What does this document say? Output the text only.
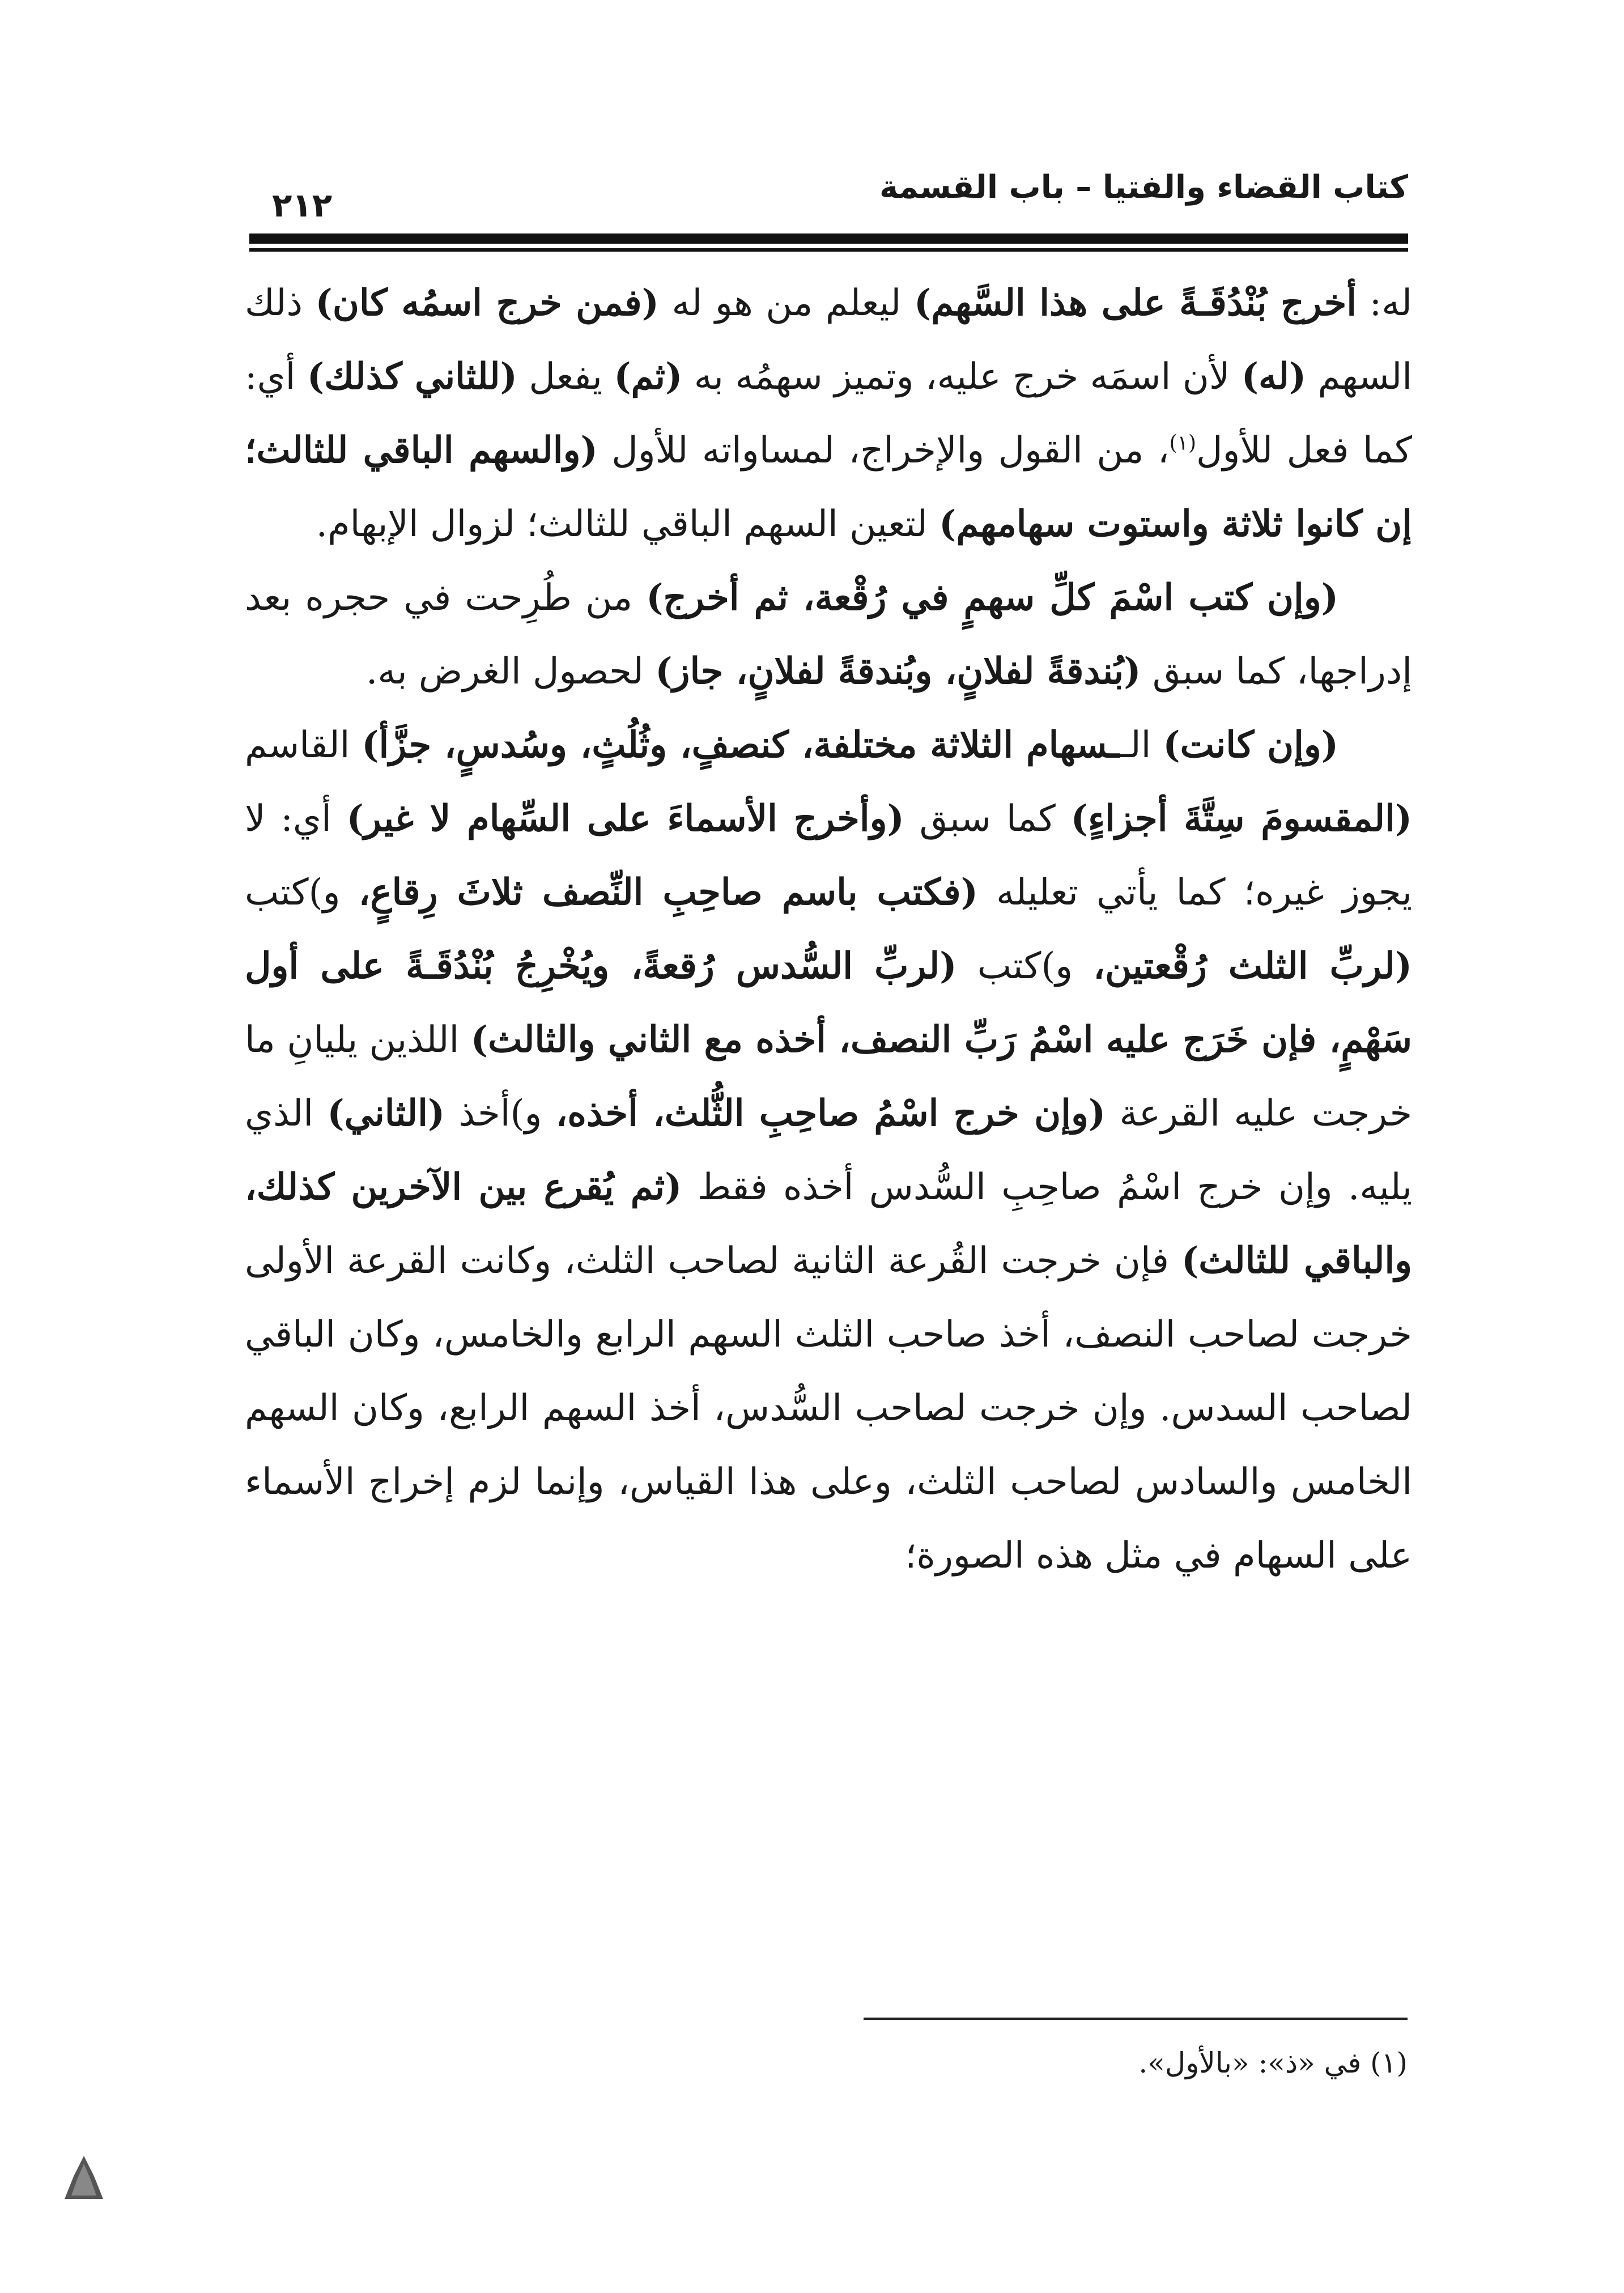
كتاب القضاء والفتيا – باب القسمة
٢١٢

له: أخرج بُنْدُقَـةً على هذا السَّهم) ليعلم من هو له (فمن خرج اسمُه كان) ذلك السهم (له) لأن اسمَه خرج عليه، وتميز سهمُه به (ثم) يفعل (للثاني كذلك) أي: كما فعل للأول$^{(١)}$، من القول والإخراج، لمساواته للأول (والسهم الباقي للثالث؛ إن كانوا ثلاثة واستوت سهامهم) لتعين السهم الباقي للثالث؛ لزوال الإبهام.

(وإن كتب اسْمَ كلِّ سهمٍ في رُقْعة، ثم أخرج) من طُرِحت في حجره بعد إدراجها، كما سبق (بُندقةً لفلانٍ، وبُندقةً لفلانٍ، جاز) لحصول الغرض به.

(وإن كانت) الــسهام الثلاثة مختلفة، كنصفٍ، وثُلُثٍ، وسُدسٍ، جزَّأ) القاسم (المقسومَ سِتَّةَ أجزاءٍ) كما سبق (وأخرج الأسماءَ على السِّهام لا غير) أي: لا يجوز غيره؛ كما يأتي تعليله (فكتب باسم صاحِبِ النِّصف ثلاثَ رِقاعٍ، و)كتب (لربِّ الثلث رُقْعتين، و)كتب (لربِّ السُّدس رُقعةً، ويُخْرِجُ بُنْدُقَـةً على أول سَهْمٍ، فإن خَرَج عليه اسْمُ رَبِّ النصف، أخذه مع الثاني والثالث) اللذين يليانِ ما خرجت عليه القرعة (وإن خرج اسْمُ صاحِبِ الثُّلث، أخذه، و)أخذ (الثاني) الذي يليه. وإن خرج اسْمُ صاحِبِ السُّدس أخذه فقط (ثم يُقرع بين الآخرين كذلك، والباقي للثالث) فإن خرجت القُرعة الثانية لصاحب الثلث، وكانت القرعة الأولى خرجت لصاحب النصف، أخذ صاحب الثلث السهم الرابع والخامس، وكان الباقي لصاحب السدس. وإن خرجت لصاحب السُّدس، أخذ السهم الرابع، وكان السهم الخامس والسادس لصاحب الثلث، وعلى هذا القياس، وإنما لزم إخراج الأسماء على السهام في مثل هذه الصورة؛

(١) في «ذ»: «بالأول».
